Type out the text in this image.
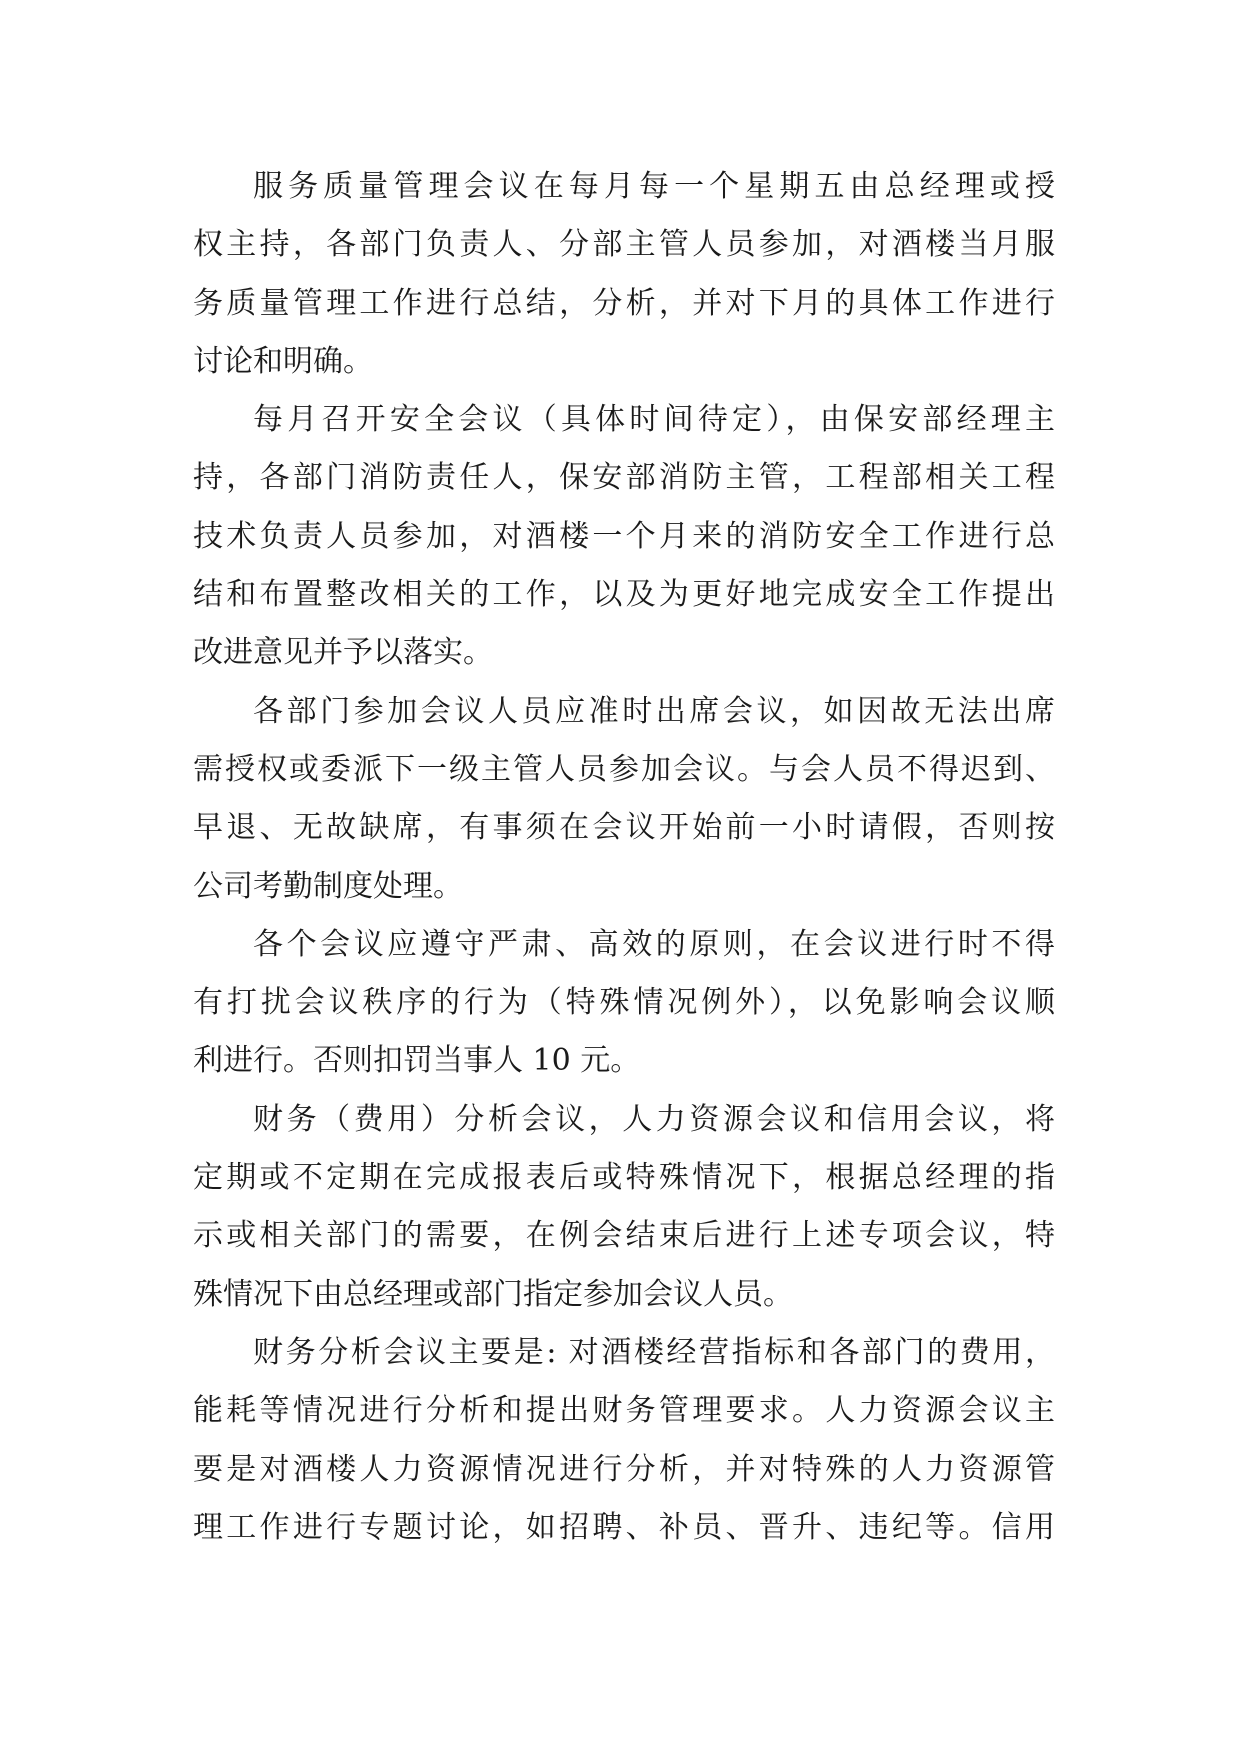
服务质量管理会议在每月每一个星期五由总经理或授
权主持，各部门负责人、分部主管人员参加，对酒楼当月服
务质量管理工作进行总结，分析，并对下月的具体工作进行
讨论和明确。
每月召开安全会议（具体时间待定），由保安部经理主
持，各部门消防责任人，保安部消防主管，工程部相关工程
技术负责人员参加，对酒楼一个月来的消防安全工作进行总
结和布置整改相关的工作，以及为更好地完成安全工作提出
改进意见并予以落实。
各部门参加会议人员应准时出席会议，如因故无法出席
需授权或委派下一级主管人员参加会议。与会人员不得迟到、
早退、无故缺席，有事须在会议开始前一小时请假，否则按
公司考勤制度处理。
各个会议应遵守严肃、高效的原则，在会议进行时不得
有打扰会议秩序的行为（特殊情况例外），以免影响会议顺
利进行。否则扣罚当事人 10 元。
财务（费用）分析会议，人力资源会议和信用会议，将
定期或不定期在完成报表后或特殊情况下，根据总经理的指
示或相关部门的需要，在例会结束后进行上述专项会议，特
殊情况下由总经理或部门指定参加会议人员。
财务分析会议主要是: 对酒楼经营指标和各部门的费用，
能耗等情况进行分析和提出财务管理要求。人力资源会议主
要是对酒楼人力资源情况进行分析，并对特殊的人力资源管
理工作进行专题讨论，如招聘、补员、晋升、违纪等。信用
